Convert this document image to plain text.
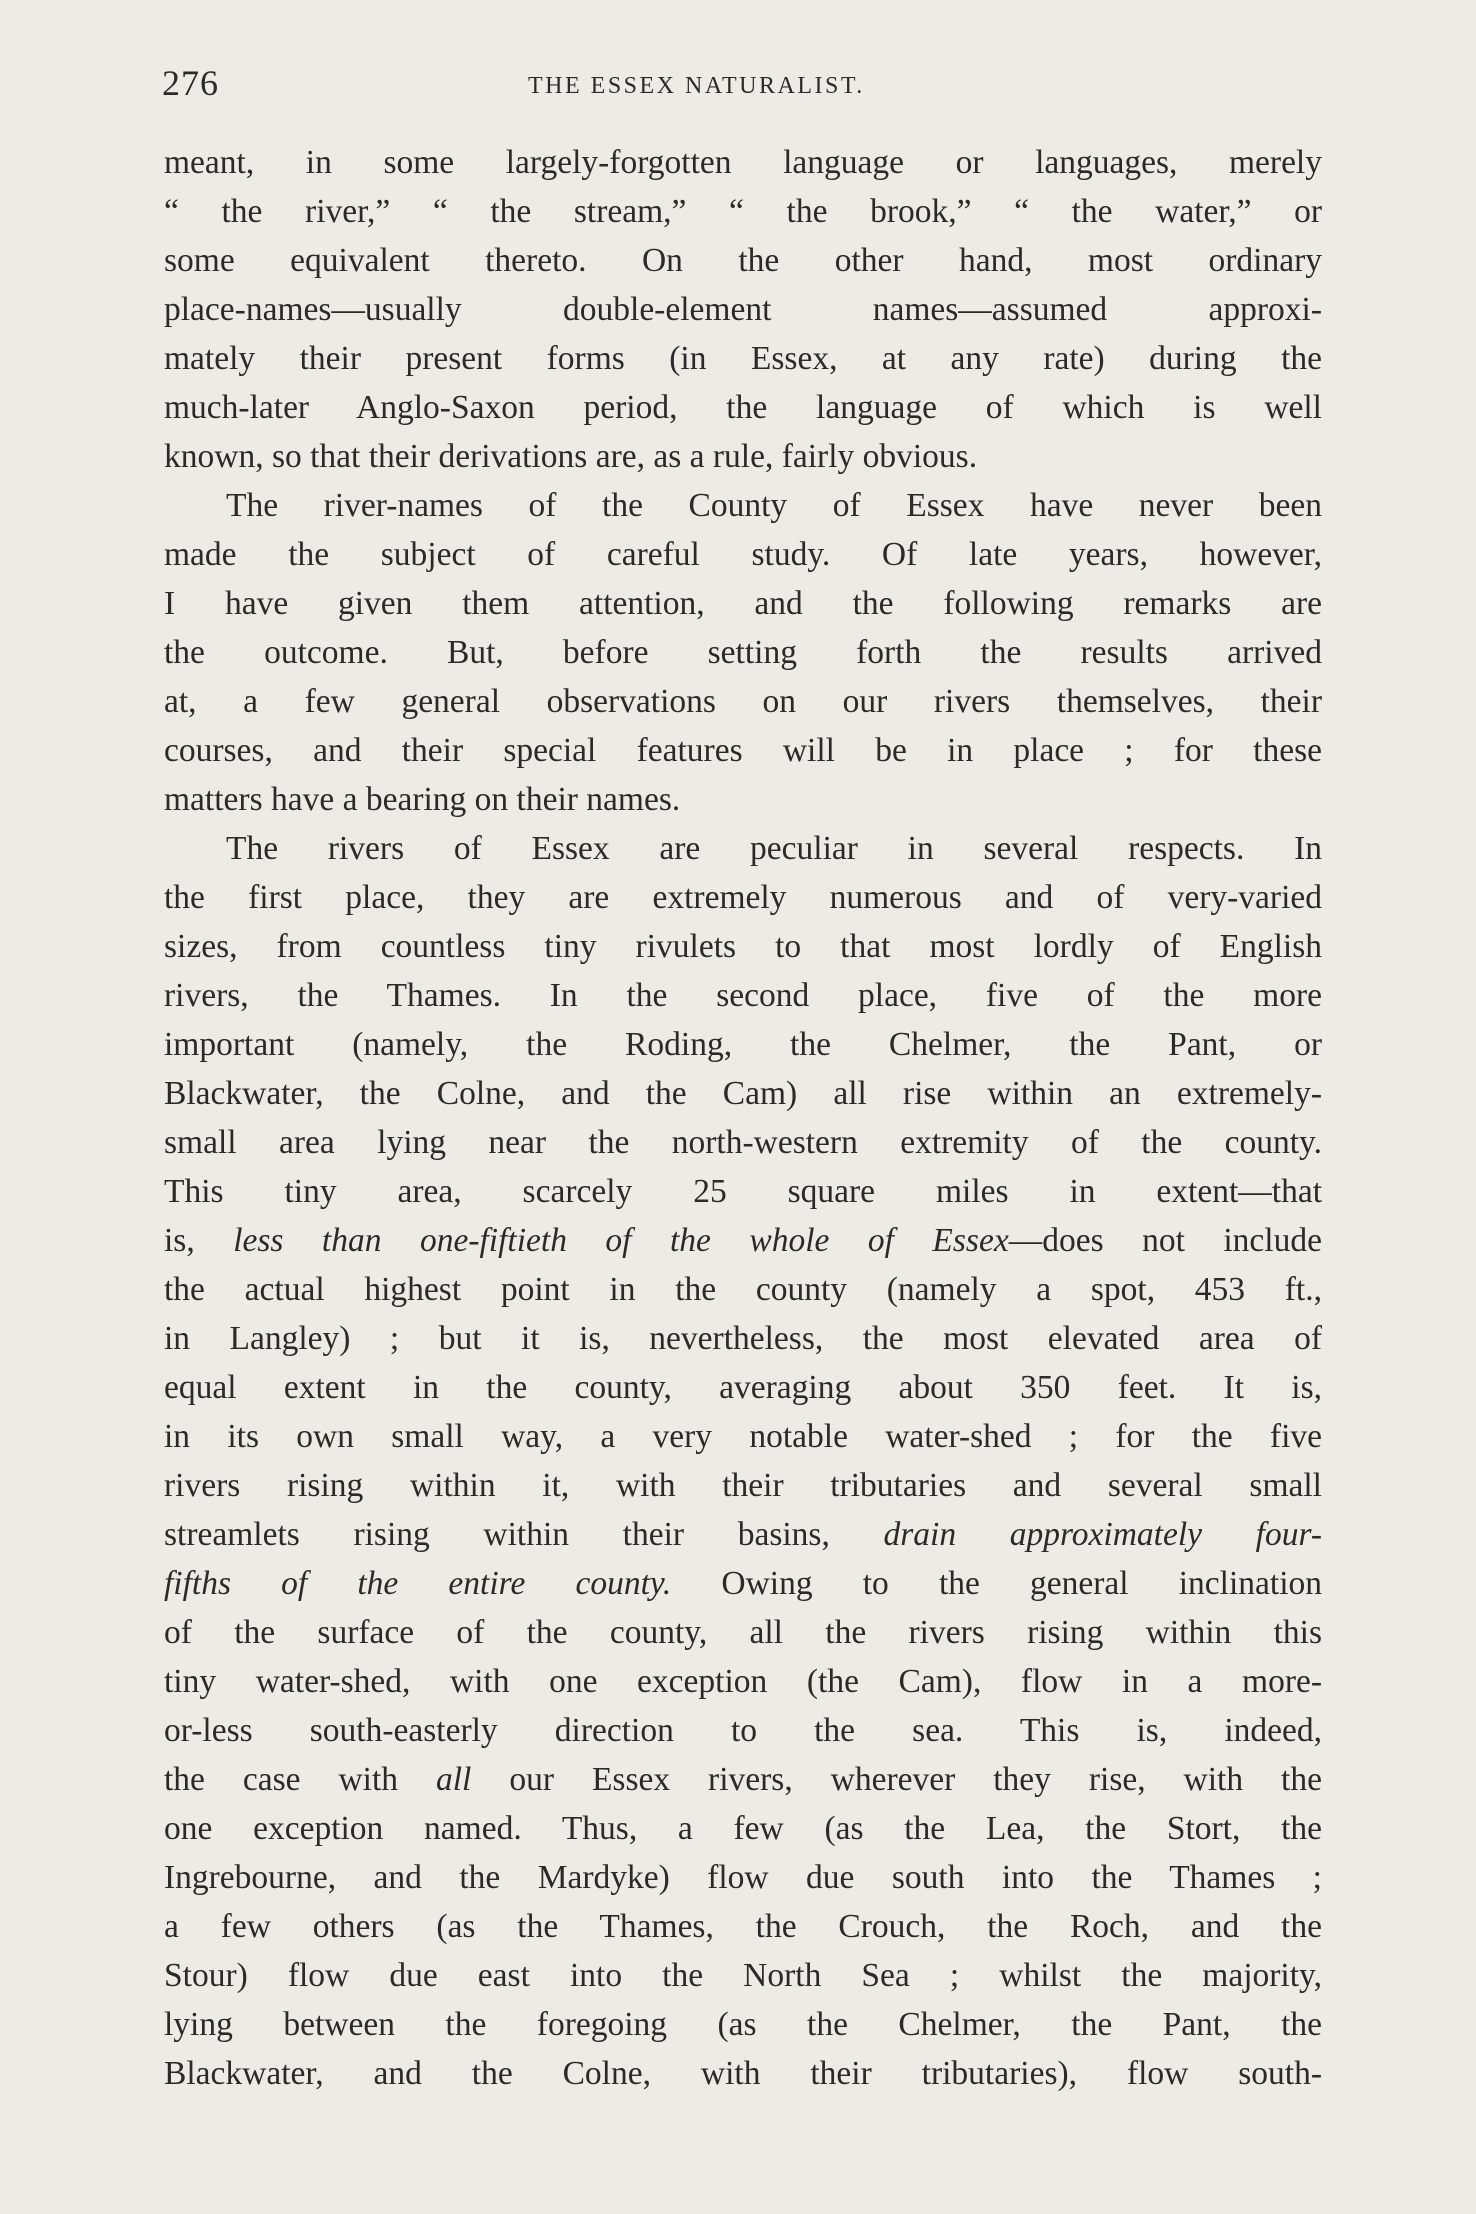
276	THE ESSEX NATURALIST.
meant, in some largely-forgotten language or languages, merely
“ the river,” “ the stream,” “ the brook,” “ the water,” or
some equivalent thereto. On the other hand, most ordinary
place-names—usually double-element names—assumed approxi-
mately their present forms (in Essex, at any rate) during the
much-later Anglo-Saxon period, the language of which is well
known, so that their derivations are, as a rule, fairly obvious.
The river-names of the County of Essex have never been
made the subject of careful study. Of late years, however,
I have given them attention, and the following remarks are
the outcome. But, before setting forth the results arrived
at, a few general observations on our rivers themselves, their
courses, and their special features will be in place ; for these
matters have a bearing on their names.
The rivers of Essex are peculiar in several respects. In
the first place, they are extremely numerous and of very-varied
sizes, from countless tiny rivulets to that most lordly of English
rivers, the Thames. In the second place, five of the more
important (namely, the Roding, the Chelmer, the Pant, or
Blackwater, the Colne, and the Cam) all rise within an extremely-
small area lying near the north-western extremity of the county.
This tiny area, scarcely 25 square miles in extent—that
is, less than one-fiftieth of the whole of Essex—does not include
the actual highest point in the county (namely a spot, 453 ft.,
in Langley) ; but it is, nevertheless, the most elevated area of
equal extent in the county, averaging about 350 feet. It is,
in its own small way, a very notable water-shed ; for the five
rivers rising within it, with their tributaries and several small
streamlets rising within their basins, drain approximately four-
fifths of the entire county. Owing to the general inclination
of the surface of the county, all the rivers rising within this
tiny water-shed, with one exception (the Cam), flow in a more-
or-less south-easterly direction to the sea. This is, indeed,
the case with all our Essex rivers, wherever they rise, with the
one exception named. Thus, a few (as the Lea, the Stort, the
Ingrebourne, and the Mardyke) flow due south into the Thames ;
a few others (as the Thames, the Crouch, the Roch, and the
Stour) flow due east into the North Sea ; whilst the majority,
lying between the foregoing (as the Chelmer, the Pant, the
Blackwater, and the Colne, with their tributaries), flow south-
